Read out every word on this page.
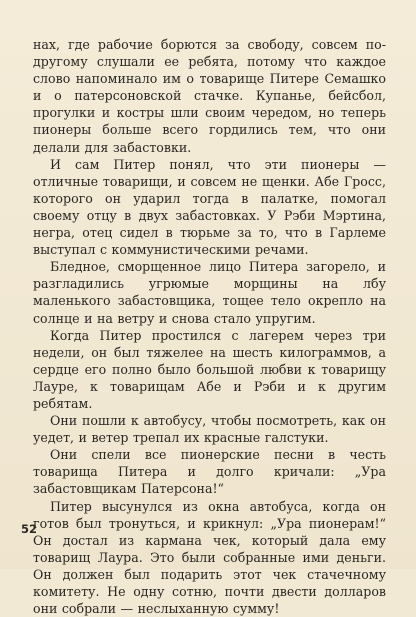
нах, где рабочие борются за свободу, совсем по-другому слушали ее ребята, потому что каждое слово напоминало им о товарище Питере Семашко и о патерсоновской стачке. Купанье, бейсбол, прогулки и костры шли своим чередом, но теперь пионеры больше всего гордились тем, что они делали для забастовки.

И сам Питер понял, что эти пионеры — отличные товарищи, и совсем не щенки. Абе Гросс, которого он ударил тогда в палатке, помогал своему отцу в двух забастовках. У Рэби Мэртина, негра, отец сидел в тюрьме за то, что в Гарлеме выступал с коммунистическими речами.

Бледное, сморщенное лицо Питера загорело, и разгладились угрюмые морщины на лбу маленького забастовщика, тощее тело окрепло на солнце и на ветру и снова стало упругим.

Когда Питер простился с лагерем через три недели, он был тяжелее на шесть килограммов, а сердце его полно было большой любви к товарищу Лауре, к товарищам Абе и Рэби и к другим ребятам.

Они пошли к автобусу, чтобы посмотреть, как он уедет, и ветер трепал их красные галстуки.

Они спели все пионерские песни в честь товарища Питера и долго кричали: „Ура забастовщикам Патерсона!“

Питер высунулся из окна автобуса, когда он готов был тронуться, и крикнул: „Ура пионерам!“ Он достал из кармана чек, который дала ему товарищ Лаура. Это были собранные ими деньги. Он должен был подарить этот чек стачечному комитету. Не одну сотню, почти двести долларов они собрали — неслыханную сумму!

52
